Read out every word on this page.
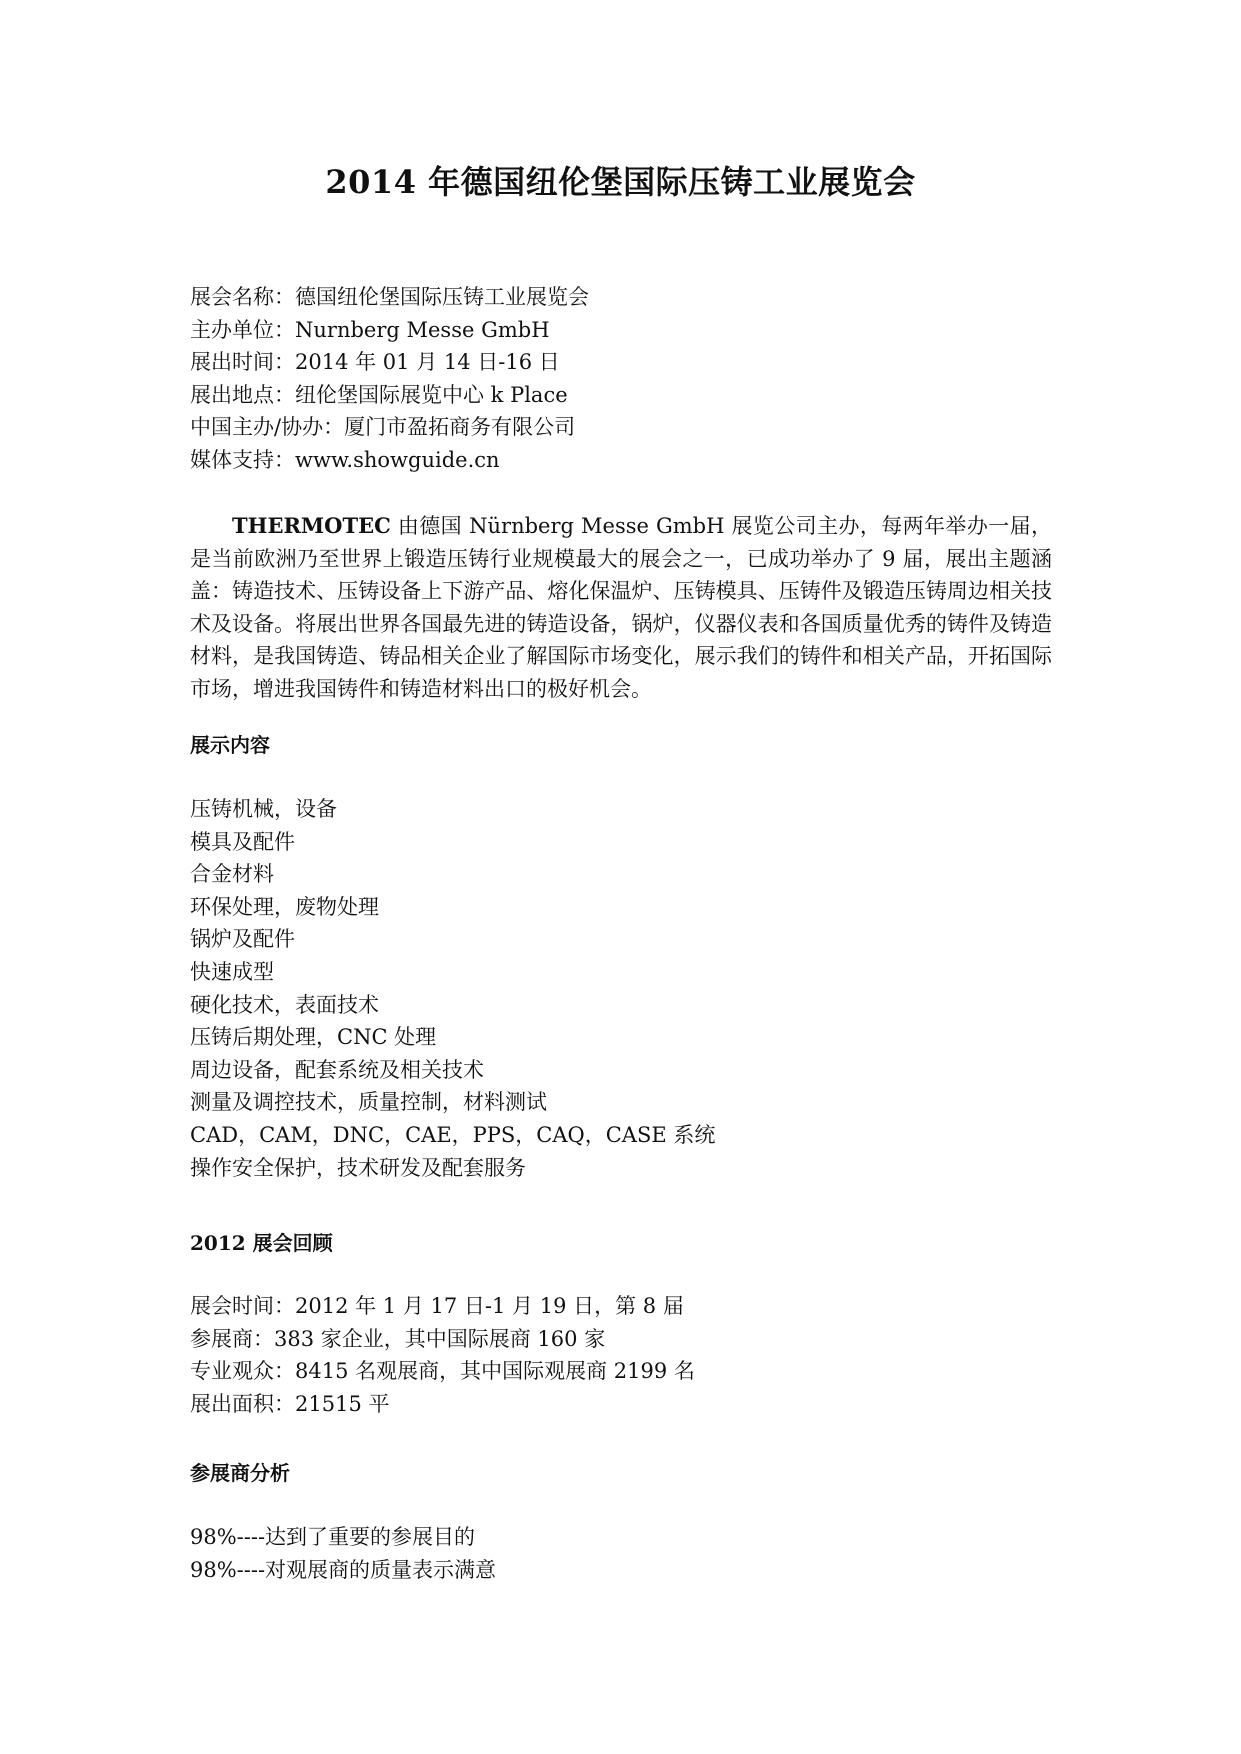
2014 年德国纽伦堡国际压铸工业展览会
展会名称：德国纽伦堡国际压铸工业展览会
主办单位：Nurnberg Messe GmbH
展出时间：2014 年 01 月 14 日-16 日
展出地点：纽伦堡国际展览中心 k Place
中国主办/协办：厦门市盈拓商务有限公司
媒体支持：www.showguide.cn
THERMOTEC 由德国 Nürnberg Messe GmbH 展览公司主办，每两年举办一届，是当前欧洲乃至世界上锻造压铸行业规模最大的展会之一，已成功举办了 9 届，展出主题涵盖：铸造技术、压铸设备上下游产品、熔化保温炉、压铸模具、压铸件及锻造压铸周边相关技术及设备。将展出世界各国最先进的铸造设备，锅炉，仪器仪表和各国质量优秀的铸件及铸造材料，是我国铸造、铸品相关企业了解国际市场变化，展示我们的铸件和相关产品，开拓国际市场，增进我国铸件和铸造材料出口的极好机会。
展示内容
压铸机械，设备
模具及配件
合金材料
环保处理，废物处理
锅炉及配件
快速成型
硬化技术，表面技术
压铸后期处理，CNC 处理
周边设备，配套系统及相关技术
测量及调控技术，质量控制，材料测试
CAD，CAM，DNC，CAE，PPS，CAQ，CASE 系统
操作安全保护，技术研发及配套服务
2012 展会回顾
展会时间：2012 年 1 月 17 日-1 月 19 日，第 8 届
参展商：383 家企业，其中国际展商 160 家
专业观众：8415 名观展商，其中国际观展商 2199 名
展出面积：21515 平
参展商分析
98%----达到了重要的参展目的
98%----对观展商的质量表示满意
